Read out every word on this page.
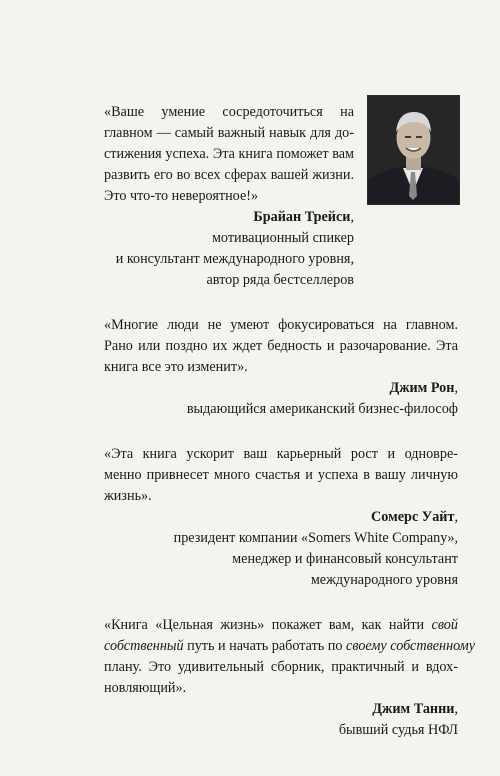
«Ваше умение сосредоточиться на
главном — самый важный навык для до-
стижения успеха. Эта книга поможет вам
развить его во всех сферах вашей жизни.
Это что-то невероятное!»
Брайан Трейси,
мотивационный спикер
и консультант международного уровня,
автор ряда бестселлеров
«Многие люди не умеют фокусироваться на главном.
Рано или поздно их ждет бедность и разочарование. Эта
книга все это изменит».
Джим Рон,
выдающийся американский бизнес-философ
«Эта книга ускорит ваш карьерный рост и одновре-
менно привнесет много счастья и успеха в вашу личную
жизнь».
Сомерс Уайт,
президент компании «Somers White Company»,
менеджер и финансовый консультант
международного уровня
«Книга «Цельная жизнь» покажет вам, как найти свой
собственный путь и начать работать по своему собственному
плану. Это удивительный сборник, практичный и вдох-
новляющий».
Джим Танни,
бывший судья НФЛ
